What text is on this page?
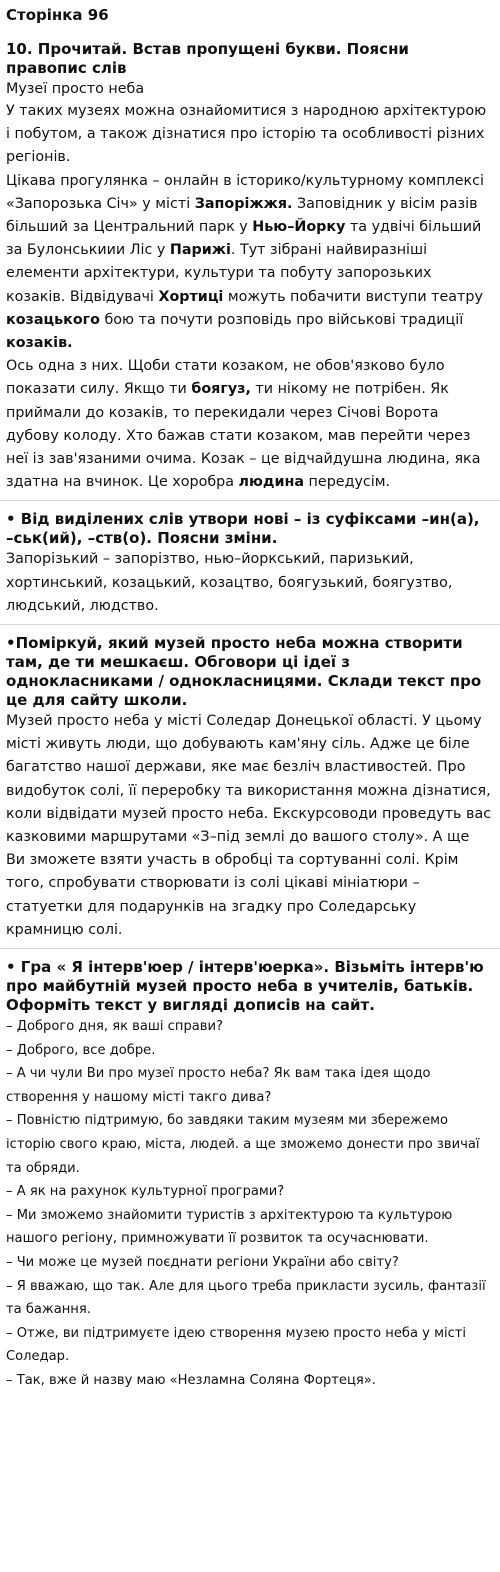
Сторінка 96

10. Прочитай. Встав пропущені букви. Поясни правопис слів

Музеї просто неба

У таких музеях можна ознайомитися з народною архітектурою і побутом, а також дізнатися про історію та особливості різних регіонів.

Цікава прогулянка – онлайн в історико/культурному комплексі «Запорозька Січ» у місті Запоріжжя. Заповідник у вісім разів більший за Центральний парк у Нью–Йорку та удвічі більший за Булонськиии Ліс у Парижі. Тут зібрані найвиразніші елементи архітектури, культури та побуту запорозьких козаків. Відвідувачі Хортиці можуть побачити виступи театру козацького бою та почути розповідь про військові традиції козаків.

Ось одна з них. Щоби стати козаком, не обов'язково було показати силу. Якщо ти боягуз, ти нікому не потрібен. Як приймали до козаків, то перекидали через Січові Ворота дубову колоду. Хто бажав стати козаком, мав перейти через неї із зав'язаними очима. Козак – це відчайдушна людина, яка здатна на вчинок. Це хоробра людина передусім.

• Від виділених слів утвори нові – із суфіксами –ин(а), –ськ(ий), –ств(о). Поясни зміни.

Запорізький – запорізтво, нью–йоркський, паризький, хортинський, козацький, козацтво, боягузький, боягузтво, людський, людство.

•Поміркуй, який музей просто неба можна створити там, де ти мешкаєш. Обговори ці ідеї з однокласниками / однокласницями. Склади текст про це для сайту школи.

Музей просто неба у місті Соледар Донецької області. У цьому місті живуть люди, що добувають кам'яну сіль. Адже це біле багатство нашої держави, яке має безліч властивостей. Про видобуток солі, її переробку та використання можна дізнатися, коли відвідати музей просто неба. Екскурсоводи проведуть вас казковими маршрутами «З–під землі до вашого столу». А ще Ви зможете взяти участь в обробці та сортуванні солі. Крім того, спробувати створювати із солі цікаві мініатюри – статуетки для подарунків на згадку про Соледарську крамницю солі.

• Гра « Я інтерв'юер / інтерв'юерка». Візьміть інтерв'ю про майбутній музей просто неба в учителів, батьків. Оформіть текст у вигляді дописів на сайт.

– Доброго дня, як ваші справи?

– Доброго, все добре.

– А чи чули Ви про музеї просто неба? Як вам така ідея щодо створення у нашому місті такго дива?

– Повністю підтримую, бо завдяки таким музеям ми збережемо історію свого краю, міста, людей. а ще зможемо донести про звичаї та обряди.

– А як на рахунок культурної програми?

– Ми зможемо знайомити туристів з архітектурою та культурою нашого регіону, примножувати її розвиток та осучаснювати.

– Чи може це музей поєднати регіони України або світу?

– Я вважаю, що так. Але для цього треба прикласти зусиль, фантазії та бажання.

– Отже, ви підтримуєте ідею створення музею просто неба у місті Соледар.

– Так, вже й назву маю «Незламна Соляна Фортеця».
